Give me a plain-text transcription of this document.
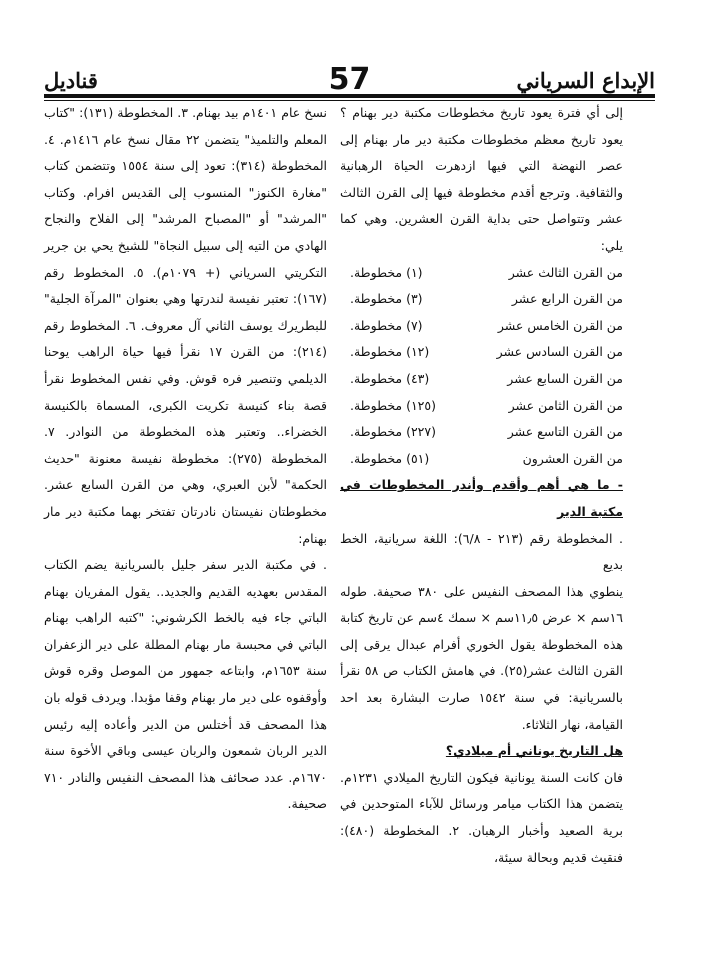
الإبداع السرياني
57
قناديل

إلى أي فترة يعود تاريخ مخطوطات مكتبة دير بهنام ؟ يعود تاريخ معظم مخطوطات مكتبة دير مار بهنام إلى عصر النهضة التي فيها ازدهرت الحياة الرهبانية والثقافية. وترجع أقدم مخطوطة فيها إلى القرن الثالث عشر وتتواصل حتى بداية القرن العشرين. وهي كما يلي:

من القرن الثالث عشر
(١) مخطوطة.
من القرن الرابع عشر
(٣) مخطوطة.
من القرن الخامس عشر
(٧) مخطوطة.
من القرن السادس عشر
(١٢) مخطوطة.
من القرن السابع عشر
(٤٣) مخطوطة.
من القرن الثامن عشر
(١٢٥) مخطوطة.
من القرن التاسع عشر
(٢٢٧) مخطوطة.
من القرن العشرون
(٥١) مخطوطة.

- ما هي أهم وأقدم وأندر المخطوطات في مكتبة الدير

. المخطوطة رقم (٢١٣ - ٦/٨): اللغة سريانية، الخط بديع

ينطوي هذا المصحف النفيس على ٣٨٠ صحيفة. طوله ١٦سم × عرض ١١٫٥سم × سمك ٤سم عن تاريخ كتابة هذه المخطوطة يقول الخوري أفرام عبدال يرقى إلى القرن الثالث عشر(٢٥). في هامش الكتاب ص ٥٨ نقرأ بالسريانية: في سنة ١٥٤٢ صارت البشارة بعد احد القيامة، نهار الثلاثاء.

هل التاريخ يوناني أم ميلادي؟

فان كانت السنة يونانية فيكون التاريخ الميلادي ١٢٣١م. يتضمن هذا الكتاب ميامر ورسائل للآباء المتوحدين في برية الصعيد وأخبار الرهبان. ٢. المخطوطة (٤٨٠): فنقيث قديم وبحالة سيئة،

نسخ عام ١٤٠١م بيد بهنام. ٣. المخطوطة (١٣١): "كتاب المعلم والتلميذ" يتضمن ٢٢ مقال نسخ عام ١٤١٦م. ٤. المخطوطة (٣١٤): تعود إلى سنة ١٥٥٤ وتتضمن كتاب "مغارة الكنوز" المنسوب إلى القديس افرام. وكتاب "المرشد" أو "المصباح المرشد" إلى الفلاح والنجاح الهادي من التيه إلى سبيل النجاة" للشيخ يحي بن جرير التكريتي السرياني (+ ١٠٧٩م). ٥. المخطوط رقم (١٦٧): تعتبر نفيسة لندرتها وهي بعنوان "المرآة الجلية" للبطريرك يوسف الثاني آل معروف. ٦. المخطوط رقم (٢١٤): من القرن ١٧ نقرأ فيها حياة الراهب يوحنا الديلمي وتنصير فره قوش. وفي نفس المخطوط نقرأ قصة بناء كنيسة تكريت الكبرى، المسماة بالكنيسة الخضراء.. وتعتبر هذه المخطوطة من النوادر. ٧. المخطوطة (٢٧٥): مخطوطة نفيسة معنونة "حديث الحكمة" لأبن العبري، وهي من القرن السابع عشر. مخطوطتان نفيستان نادرتان تفتخر بهما مكتبة دير مار بهنام:

. في مكتبة الدير سفر جليل بالسريانية يضم الكتاب المقدس بعهديه القديم والجديد.. يقول المفريان بهنام الباتي جاء فيه بالخط الكرشوني: "كتبه الراهب بهنام الباتي في محبسة مار بهنام المطلة على دير الزعفران سنة ١٦٥٣م، وابتاعه جمهور من الموصل وقره قوش وأوقفوه على دير مار بهنام وقفا مؤبدا. ويردف قوله بان هذا المصحف قد أختلس من الدير وأعاده إليه رئيس الدير الربان شمعون والربان عيسى وباقي الأخوة سنة ١٦٧٠م. عدد صحائف هذا المصحف النفيس والنادر ٧١٠ صحيفة.
